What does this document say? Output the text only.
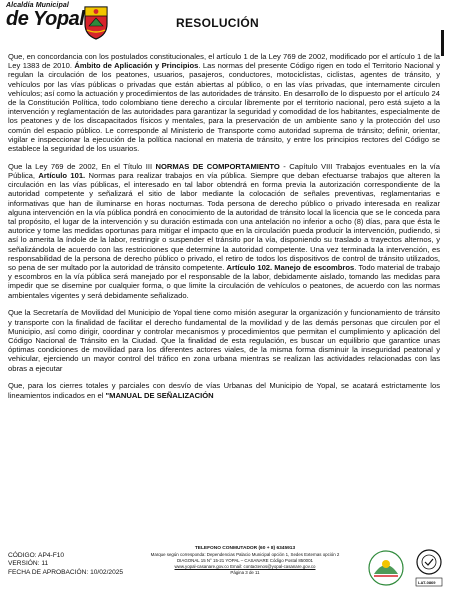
Alcaldía Municipal
de Yopal	RESOLUCIÓN

Que, en concordancia con los postulados constitucionales, el artículo 1 de la Ley 769 de 2002, modificado por el artículo 1 de la Ley 1383 de 2010. Ámbito de Aplicación y Principios. Las normas del presente Código rigen en todo el Territorio Nacional y regulan la circulación de los peatones, usuarios, pasajeros, conductores, motociclistas, ciclistas, agentes de tránsito, y vehículos por las vías públicas o privadas que están abiertas al público, o en las vías privadas, que internamente circulen vehículos; así como la actuación y procedimientos de las autoridades de tránsito. En desarrollo de lo dispuesto por el artículo 24 de la Constitución Política, todo colombiano tiene derecho a circular libremente por el territorio nacional, pero está sujeto a la intervención y reglamentación de las autoridades para garantizar la seguridad y comodidad de los habitantes, especialmente de los peatones y de los discapacitados físicos y mentales, para la preservación de un ambiente sano y la protección del uso común del espacio público. Le corresponde al Ministerio de Transporte como autoridad suprema de tránsito; definir, orientar, vigilar e inspeccionar la ejecución de la política nacional en materia de tránsito, y entre los principios rectores del Código se establece la seguridad de los usuarios.

Que la Ley 769 de 2002, En el Título III NORMAS DE COMPORTAMIENTO - Capítulo VIII Trabajos eventuales en la vía Pública, Artículo 101. Normas para realizar trabajos en vía pública. Siempre que deban efectuarse trabajos que alteren la circulación en las vías públicas, el interesado en tal labor obtendrá en forma previa la autorización correspondiente de la autoridad competente y señalizará el sitio de labor mediante la colocación de señales preventivas, reglamentarias e informativas que han de iluminarse en horas nocturnas. Toda persona de derecho público o privado interesada en realizar alguna intervención en la vía pública pondrá en conocimiento de la autoridad de tránsito local la licencia que se le conceda para tal propósito, el lugar de la intervención y su duración estimada con una antelación no inferior a ocho (8) días, para que ésta le autorice y tome las medidas oportunas para mitigar el impacto que en la circulación pueda producir la intervención, pudiendo, si así lo amerita la índole de la labor, restringir o suspender el tránsito por la vía, disponiendo su traslado a trayectos alternos, y señalizándola de acuerdo con las restricciones que determine la autoridad competente. Una vez terminada la intervención, es responsabilidad de la persona de derecho público o privado, el retiro de todos los dispositivos de control de tránsito utilizados, so pena de ser multado por la autoridad de tránsito competente. Artículo 102. Manejo de escombros. Todo material de trabajo y escombros en la vía pública será manejado por el responsable de la labor, debidamente aislado, tomando las medidas para impedir que se disemine por cualquier forma, o que limite la circulación de vehículos o peatones, de acuerdo con las normas ambientales vigentes y será debidamente señalizado.

Que la Secretaría de Movilidad del Municipio de Yopal tiene como misión asegurar la organización y funcionamiento de tránsito y transporte con la finalidad de facilitar el derecho fundamental de la movilidad y de las demás personas que circulen por el Municipio, así como dirigir, coordinar y controlar mecanismos y procedimientos que permitan el cumplimiento y aplicación del Código Nacional de Tránsito en la Ciudad. Que la finalidad de esta regulación, es buscar un equilibrio que garantice unas óptimas condiciones de movilidad para los diferentes actores viales, de la misma forma disminuir la inseguridad peatonal y vehicular, ejerciendo un mayor control del tráfico en zona urbana mientras se realizan las actividades relacionadas con las obras a ejecutar

Que, para los cierres totales y parciales con desvío de vías Urbanas del Municipio de Yopal, se acatará estrictamente los lineamientos indicados en el "MANUAL DE SEÑALIZACIÓN

CÓDIGO: AP4-F10
VERSIÓN: 11
FECHA DE APROBACIÓN: 10/02/2025
TELEFONO CONMUTADOR (60 + 8) 6345913
Marque según corresponda: Dependencias Palacio Municipal opción 1, Sedes Externas opción 2
DIAGONAL 15 N° 15-21 YOPAL – CASANARE Código Postal 850001
www.yopal-casanare.gov.co Email: contactenos@yopal-casanare.gov.co
Página 3 de 11
LAT-0869
